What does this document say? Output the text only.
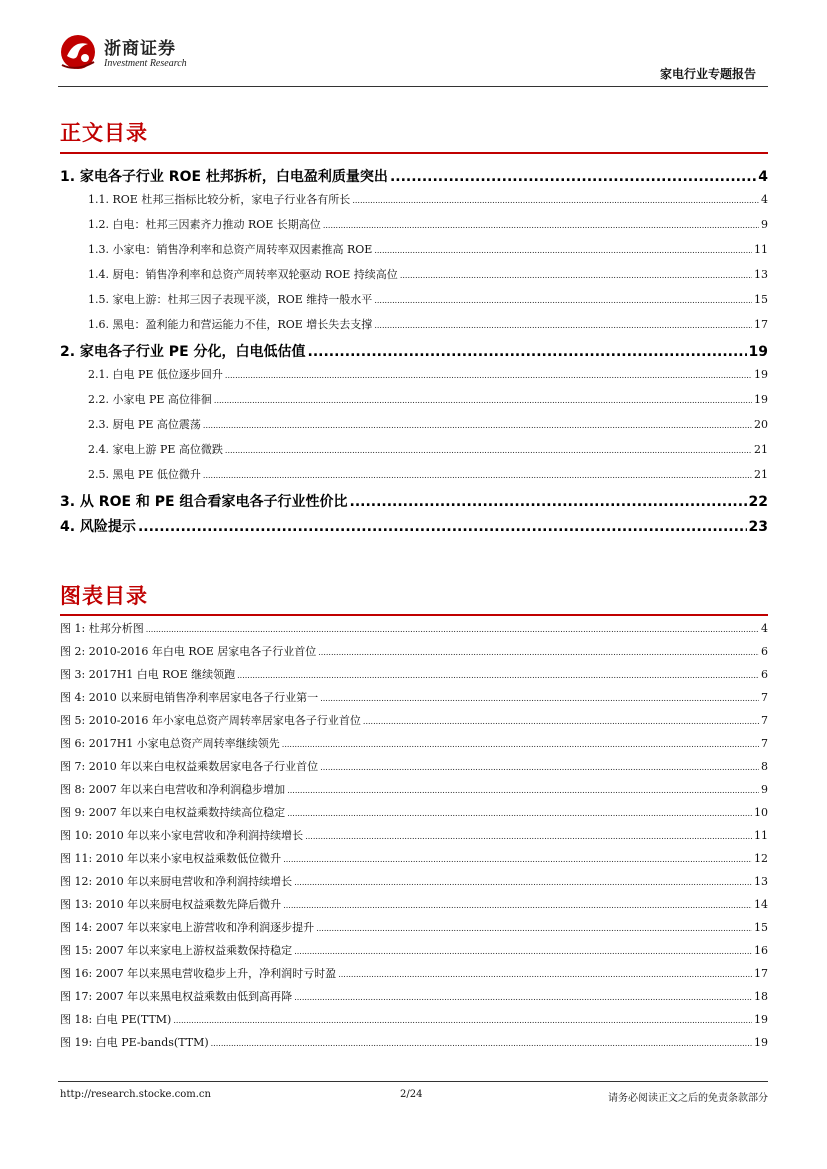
浙商证券
Investment Research
家电行业专题报告
正文目录
1. 家电各子行业 ROE 杜邦拆析，白电盈利质量突出 .....	4
1.1. ROE 杜邦三指标比较分析，家电子行业各有所长 .....	4
1.2. 白电：杜邦三因素齐力推动 ROE 长期高位 .....	9
1.3. 小家电：销售净利率和总资产周转率双因素推高 ROE .....	11
1.4. 厨电：销售净利率和总资产周转率双轮驱动 ROE 持续高位 .....	13
1.5. 家电上游：杜邦三因子表现平淡，ROE 维持一般水平 .....	15
1.6. 黑电：盈利能力和营运能力不佳，ROE 增长失去支撑 .....	17
2. 家电各子行业 PE 分化，白电低估值 .....	19
2.1. 白电 PE 低位逐步回升 .....	19
2.2. 小家电 PE 高位徘徊 .....	19
2.3. 厨电 PE 高位震荡 .....	20
2.4. 家电上游 PE 高位微跌 .....	21
2.5. 黑电 PE 低位微升 .....	21
3. 从 ROE 和 PE 组合看家电各子行业性价比 .....	22
4. 风险提示 .....	23
图表目录
图 1: 杜邦分析图 .....	4
图 2: 2010-2016 年白电 ROE 居家电各子行业首位 .....	6
图 3: 2017H1 白电 ROE 继续领跑 .....	6
图 4: 2010 以来厨电销售净利率居家电各子行业第一 .....	7
图 5: 2010-2016 年小家电总资产周转率居家电各子行业首位 .....	7
图 6: 2017H1 小家电总资产周转率继续领先 .....	7
图 7: 2010 年以来白电权益乘数居家电各子行业首位 .....	8
图 8: 2007 年以来白电营收和净利润稳步增加 .....	9
图 9: 2007 年以来白电权益乘数持续高位稳定 .....	10
图 10: 2010 年以来小家电营收和净利润持续增长 .....	11
图 11: 2010 年以来小家电权益乘数低位微升 .....	12
图 12: 2010 年以来厨电营收和净利润持续增长 .....	13
图 13: 2010 年以来厨电权益乘数先降后微升 .....	14
图 14: 2007 年以来家电上游营收和净利润逐步提升 .....	15
图 15: 2007 年以来家电上游权益乘数保持稳定 .....	16
图 16: 2007 年以来黑电营收稳步上升，净利润时亏时盈 .....	17
图 17: 2007 年以来黑电权益乘数由低到高再降 .....	18
图 18: 白电 PE(TTM) .....	19
图 19: 白电 PE-bands(TTM) .....	19
http://research.stocke.com.cn	2/24	请务必阅读正文之后的免责条款部分
